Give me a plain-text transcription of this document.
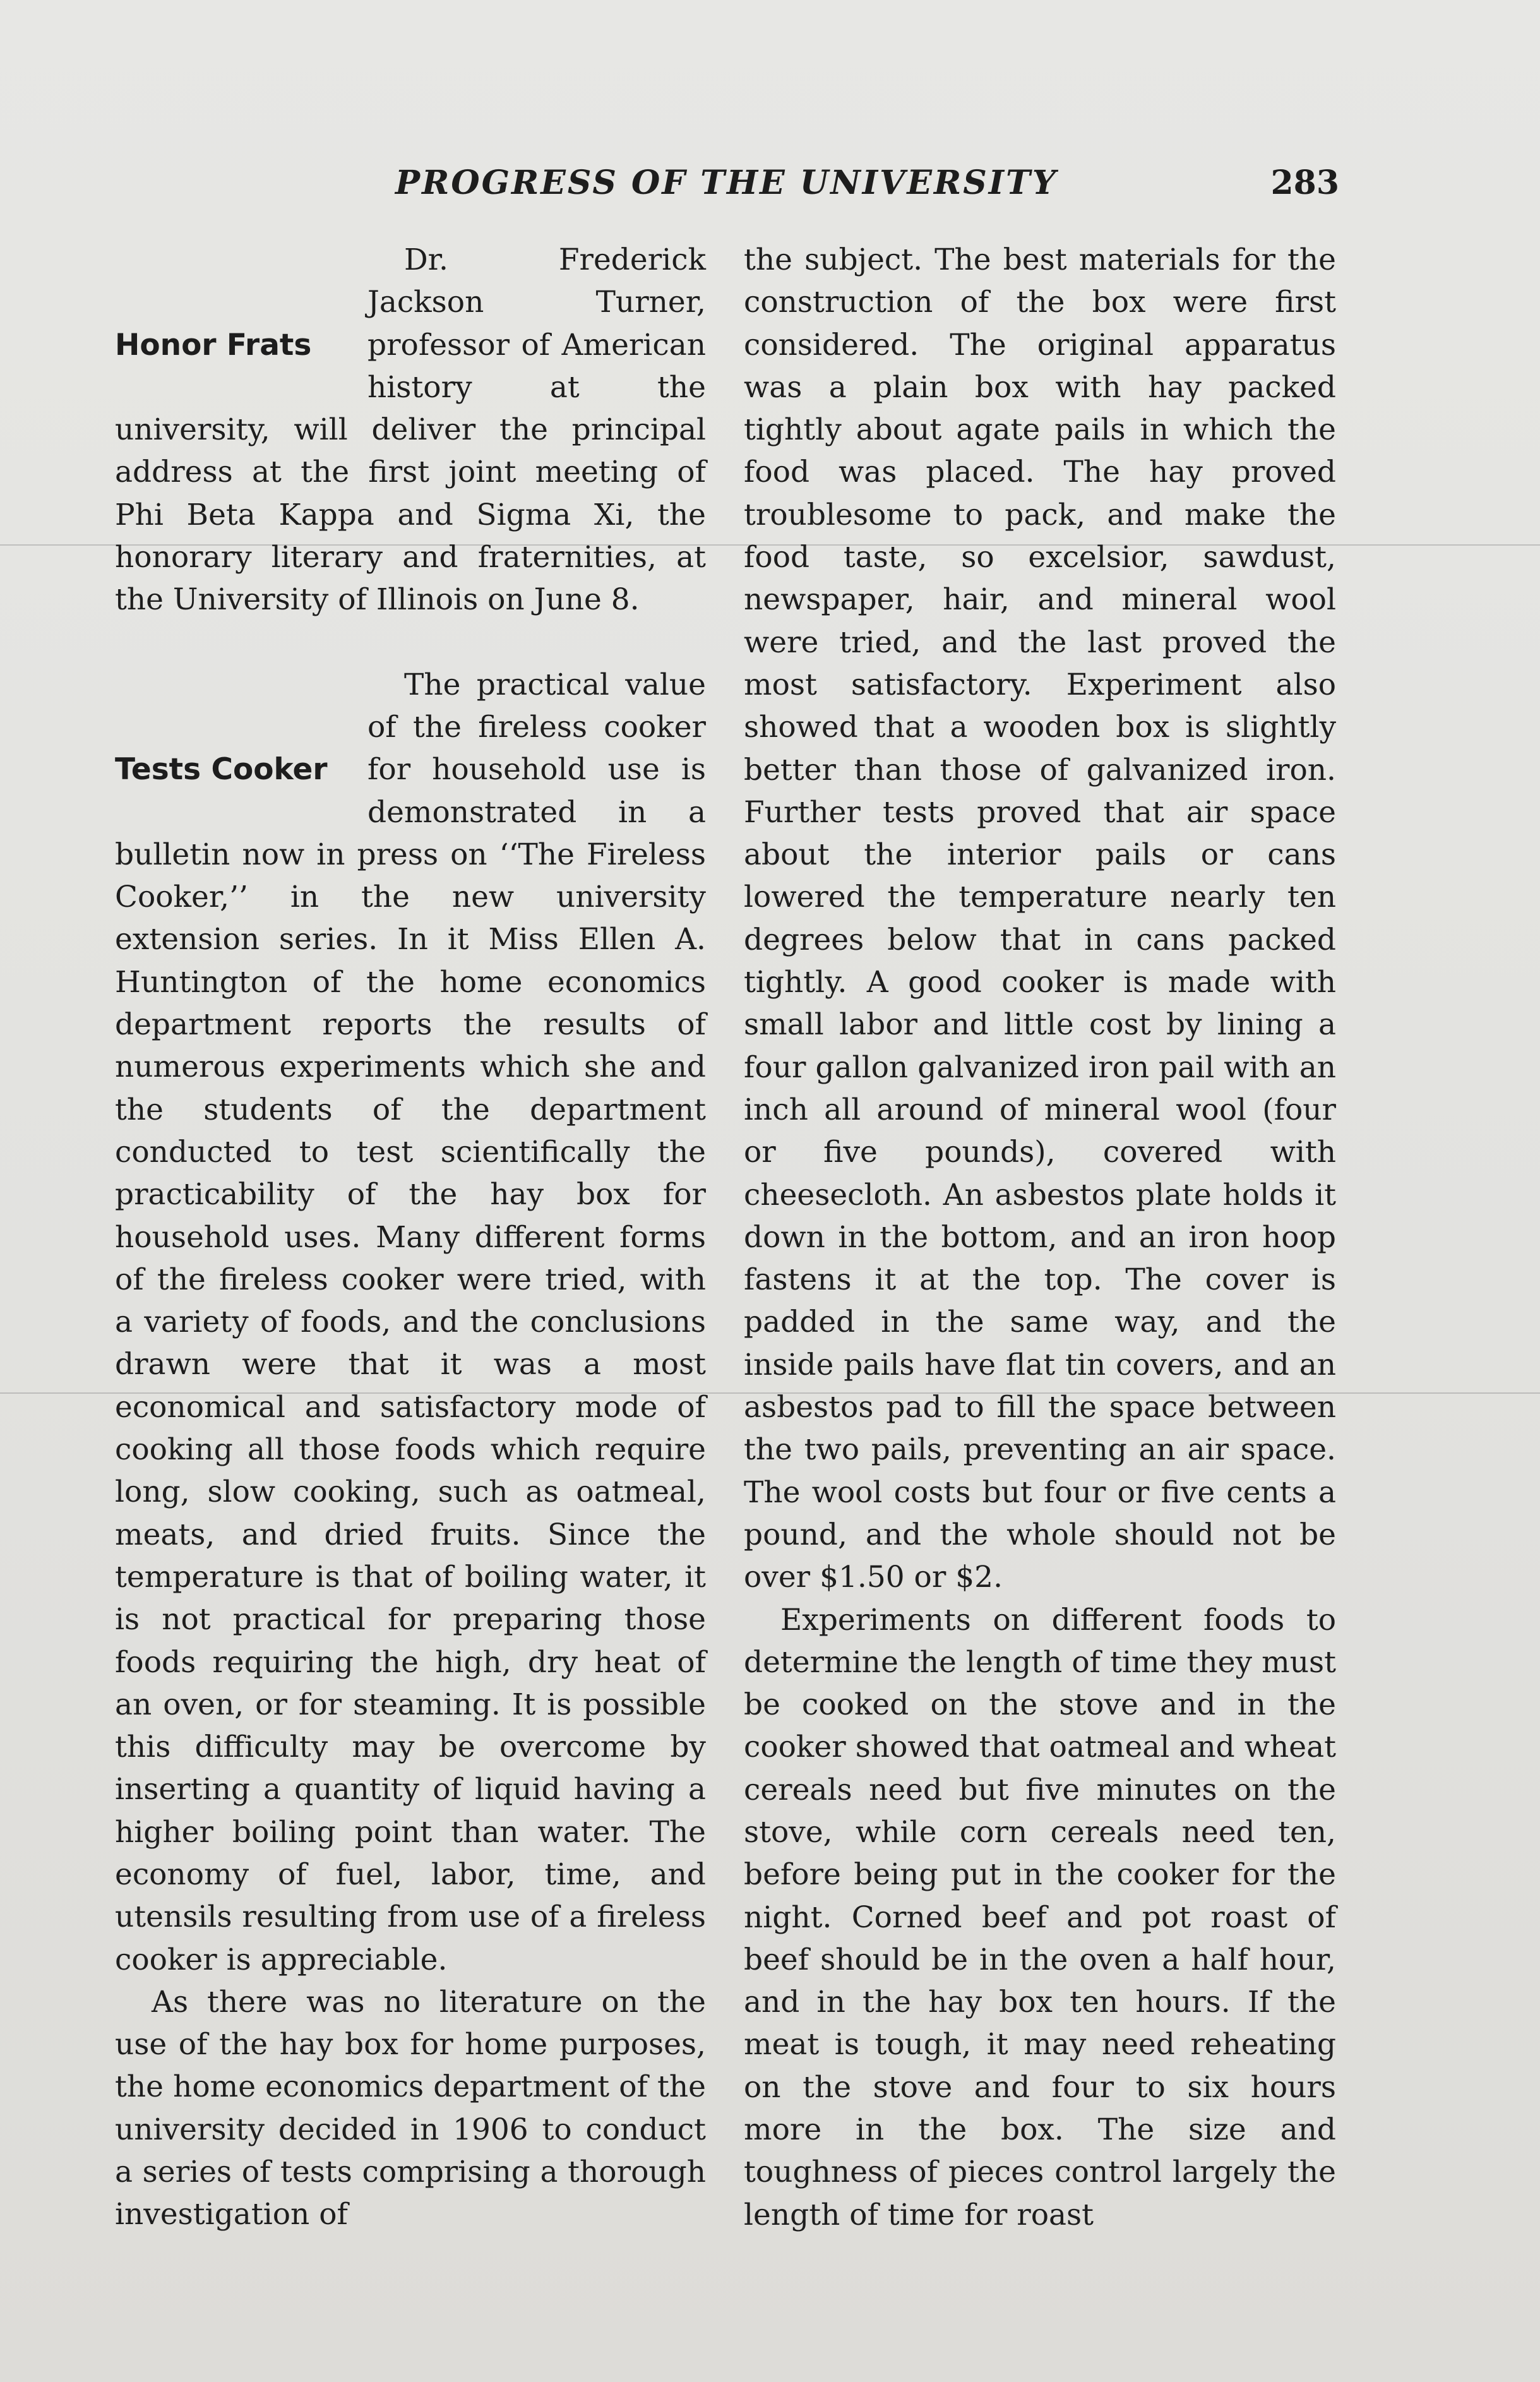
PROGRESS OF THE UNIVERSITY	283

Honor Frats
Dr. Frederick Jackson Turner, professor of American history at the university, will deliver the principal address at the first joint meeting of Phi Beta Kappa and Sigma Xi, the honorary literary and fraternities, at the University of Illinois on June 8.

Tests Cooker
The practical value of the fireless cooker for household use is demonstrated in a bulletin now in press on ‘‘The Fireless Cooker,’’ in the new university extension series. In it Miss Ellen A. Huntington of the home economics department reports the results of numerous experiments which she and the students of the department conducted to test scientifically the practicability of the hay box for household uses. Many different forms of the fireless cooker were tried, with a variety of foods, and the conclusions drawn were that it was a most economical and satisfactory mode of cooking all those foods which require long, slow cooking, such as oatmeal, meats, and dried fruits. Since the temperature is that of boiling water, it is not practical for preparing those foods requiring the high, dry heat of an oven, or for steaming. It is possible this difficulty may be overcome by inserting a quantity of liquid having a higher boiling point than water. The economy of fuel, labor, time, and utensils resulting from use of a fireless cooker is appreciable.

As there was no literature on the use of the hay box for home purposes, the home economics department of the university decided in 1906 to conduct a series of tests comprising a thorough investigation of

the subject. The best materials for the construction of the box were first considered. The original apparatus was a plain box with hay packed tightly about agate pails in which the food was placed. The hay proved troublesome to pack, and make the food taste, so excelsior, sawdust, newspaper, hair, and mineral wool were tried, and the last proved the most satisfactory. Experiment also showed that a wooden box is slightly better than those of galvanized iron. Further tests proved that air space about the interior pails or cans lowered the temperature nearly ten degrees below that in cans packed tightly. A good cooker is made with small labor and little cost by lining a four gallon galvanized iron pail with an inch all around of mineral wool (four or five pounds), covered with cheesecloth. An asbestos plate holds it down in the bottom, and an iron hoop fastens it at the top. The cover is padded in the same way, and the inside pails have flat tin covers, and an asbestos pad to fill the space between the two pails, preventing an air space. The wool costs but four or five cents a pound, and the whole should not be over $1.50 or $2.

Experiments on different foods to determine the length of time they must be cooked on the stove and in the cooker showed that oatmeal and wheat cereals need but five minutes on the stove, while corn cereals need ten, before being put in the cooker for the night. Corned beef and pot roast of beef should be in the oven a half hour, and in the hay box ten hours. If the meat is tough, it may need reheating on the stove and four to six hours more in the box. The size and toughness of pieces control largely the length of time for roast
